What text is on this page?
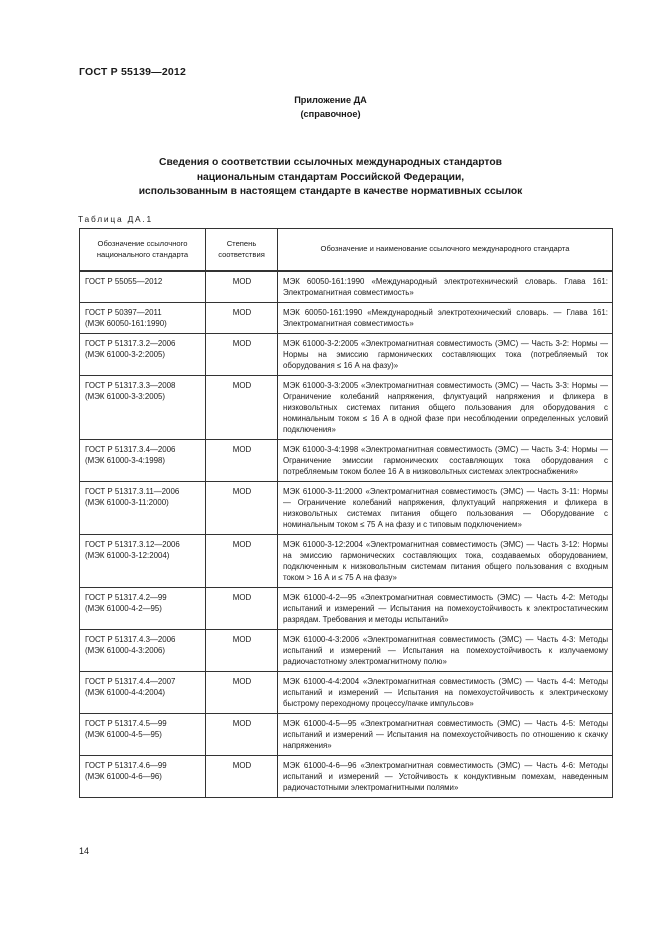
ГОСТ Р 55139—2012
Приложение ДА
(справочное)
Сведения о соответствии ссылочных международных стандартов
национальным стандартам Российской Федерации,
использованным в настоящем стандарте в качестве нормативных ссылок
Таблица ДА.1
Обозначение ссылочного национального стандарта	Степень соответствия	Обозначение и наименование ссылочного международного стандарта

ГОСТ Р 55055—2012	MOD	МЭК 60050-161:1990 «Международный электротехнический словарь. Глава 161: Электромагнитная совместимость»

ГОСТ Р 50397—2011
(МЭК 60050-161:1990)	MOD	МЭК 60050-161:1990 «Международный электротехнический словарь. — Глава 161: Электромагнитная совместимость»

ГОСТ Р 51317.3.2—2006
(МЭК 61000-3-2:2005)	MOD	МЭК 61000-3-2:2005 «Электромагнитная совместимость (ЭМС) — Часть 3-2: Нормы — Нормы на эмиссию гармонических составляющих тока (потребляемый ток оборудования ≤ 16 А на фазу)»

ГОСТ Р 51317.3.3—2008
(МЭК 61000-3-3:2005)	MOD	МЭК 61000-3-3:2005 «Электромагнитная совместимость (ЭМС) — Часть 3-3: Нормы — Ограничение колебаний напряжения, флуктуаций напряжения и фликера в низковольтных системах питания общего пользования для оборудования с номинальным током ≤ 16 А в одной фазе при несоблюдении определенных условий подключения»

ГОСТ Р 51317.3.4—2006
(МЭК 61000-3-4:1998)	MOD	МЭК 61000-3-4:1998 «Электромагнитная совместимость (ЭМС) — Часть 3-4: Нормы — Ограничение эмиссии гармонических составляющих тока оборудования с потребляемым током более 16 А в низковольтных системах электроснабжения»

ГОСТ Р 51317.3.11—2006
(МЭК 61000-3-11:2000)	MOD	МЭК 61000-3-11:2000 «Электромагнитная совместимость (ЭМС) — Часть 3-11: Нормы — Ограничение колебаний напряжения, флуктуаций напряжения и фликера в низковольтных системах питания общего пользования — Оборудование с номинальным током ≤ 75 А на фазу и с типовым подключением»

ГОСТ Р 51317.3.12—2006
(МЭК 61000-3-12:2004)	MOD	МЭК 61000-3-12:2004 «Электромагнитная совместимость (ЭМС) — Часть 3-12: Нормы на эмиссию гармонических составляющих тока, создаваемых оборудованием, подключенным к низковольтным системам питания общего пользования с входным током > 16 А и ≤ 75 А на фазу»

ГОСТ Р 51317.4.2—99
(МЭК 61000-4-2—95)	MOD	МЭК 61000-4-2—95 «Электромагнитная совместимость (ЭМС) — Часть 4-2: Методы испытаний и измерений — Испытания на помехоустойчивость к электростатическим разрядам. Требования и методы испытаний»

ГОСТ Р 51317.4.3—2006
(МЭК 61000-4-3:2006)	MOD	МЭК 61000-4-3:2006 «Электромагнитная совместимость (ЭМС) — Часть 4-3: Методы испытаний и измерений — Испытания на помехоустойчивость к излучаемому радиочастотному электромагнитному полю»

ГОСТ Р 51317.4.4—2007
(МЭК 61000-4-4:2004)	MOD	МЭК 61000-4-4:2004 «Электромагнитная совместимость (ЭМС) — Часть 4-4: Методы испытаний и измерений — Испытания на помехоустойчивость к электрическому быстрому переходному процессу/пачке импульсов»

ГОСТ Р 51317.4.5—99
(МЭК 61000-4-5—95)	MOD	МЭК 61000-4-5—95 «Электромагнитная совместимость (ЭМС) — Часть 4-5: Методы испытаний и измерений — Испытания на помехоустойчивость по отношению к скачку напряжения»

ГОСТ Р 51317.4.6—99
(МЭК 61000-4-6—96)	MOD	МЭК 61000-4-6—96 «Электромагнитная совместимость (ЭМС) — Часть 4-6: Методы испытаний и измерений — Устойчивость к кондуктивным помехам, наведенным радиочастотными электромагнитными полями»
14
